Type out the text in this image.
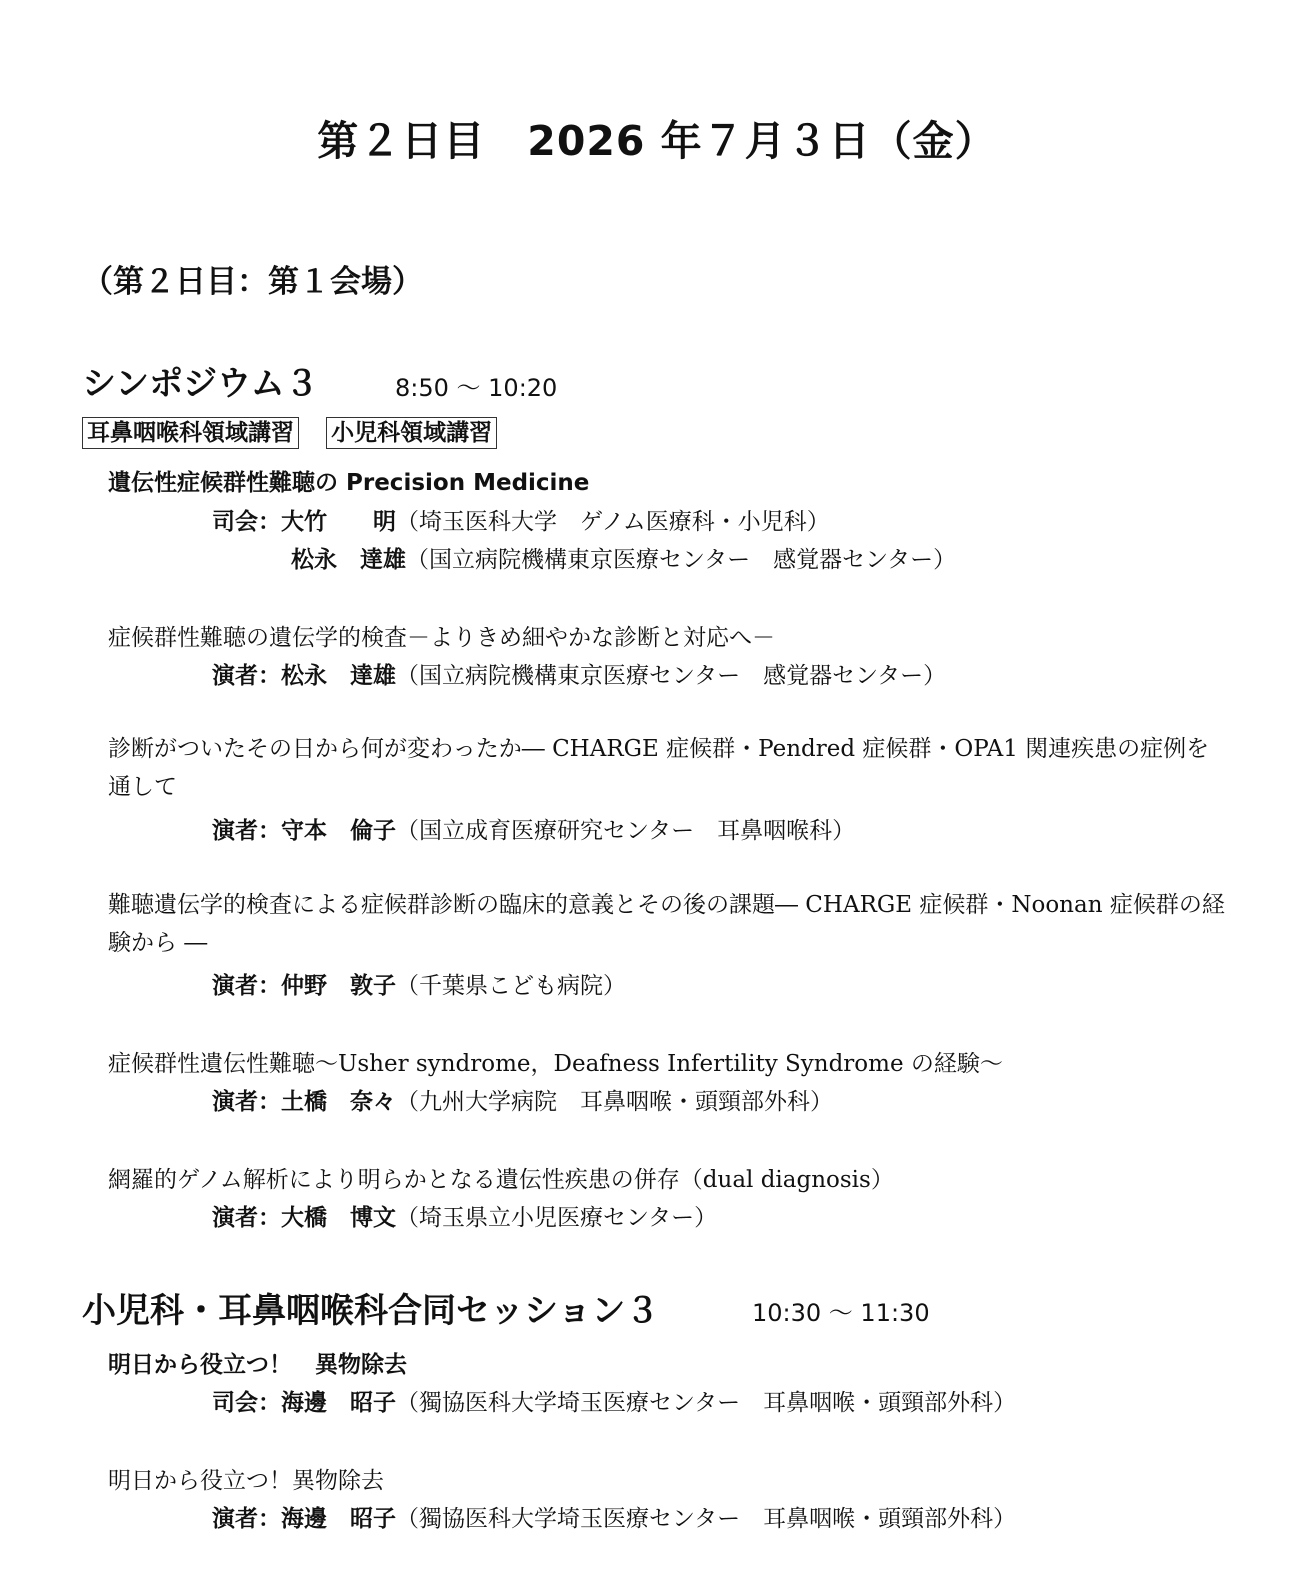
第２日目　2026 年７月３日（金）
（第２日目：第１会場）
シンポジウム３	8:50 〜 10:20
耳鼻咽喉科領域講習 小児科領域講習
遺伝性症候群性難聴の Precision Medicine
司会：大竹　　明（埼玉医科大学　ゲノム医療科・小児科）
松永　達雄（国立病院機構東京医療センター　感覚器センター）
症候群性難聴の遺伝学的検査－よりきめ細やかな診断と対応へ－
演者：松永　達雄（国立病院機構東京医療センター　感覚器センター）
診断がついたその日から何が変わったか― CHARGE 症候群・Pendred 症候群・OPA1 関連疾患の症例を通して
演者：守本　倫子（国立成育医療研究センター　耳鼻咽喉科）
難聴遺伝学的検査による症候群診断の臨床的意義とその後の課題― CHARGE 症候群・Noonan 症候群の経験から ―
演者：仲野　敦子（千葉県こども病院）
症候群性遺伝性難聴〜Usher syndrome，Deafness Infertility Syndrome の経験〜
演者：土橋　奈々（九州大学病院　耳鼻咽喉・頭頸部外科）
網羅的ゲノム解析により明らかとなる遺伝性疾患の併存（dual diagnosis）
演者：大橋　博文（埼玉県立小児医療センター）
小児科・耳鼻咽喉科合同セッション３	10:30 〜 11:30
明日から役立つ！　異物除去
司会：海邊　昭子（獨協医科大学埼玉医療センター　耳鼻咽喉・頭頸部外科）
明日から役立つ！異物除去
演者：海邊　昭子（獨協医科大学埼玉医療センター　耳鼻咽喉・頭頸部外科）
